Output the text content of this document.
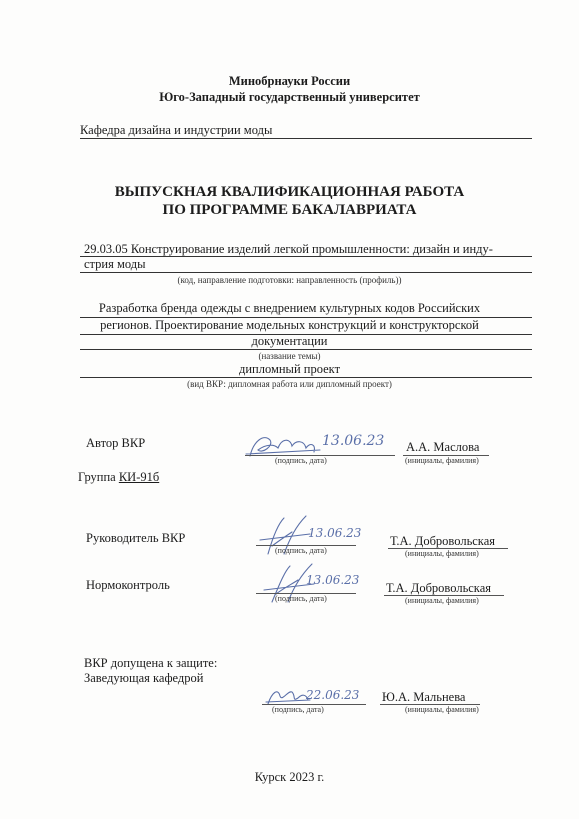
Минобрнауки России
Юго-Западный государственный университет
Кафедра дизайна и индустрии моды
ВЫПУСКНАЯ КВАЛИФИКАЦИОННАЯ РАБОТА
ПО ПРОГРАММЕ БАКАЛАВРИАТА
29.03.05 Конструирование изделий легкой промышленности: дизайн и инду-
стрия моды
(код, направление подготовки: направленность (профиль))
Разработка бренда одежды с внедрением культурных кодов Российских
регионов. Проектирование модельных конструкций и конструкторской
документации
(название темы)
дипломный проект
(вид ВКР: дипломная работа или дипломный проект)
Автор ВКР	13.06.23
(подпись, дата)
А.А. Маслова
(инициалы, фамилия)
Группа КИ-91б
Руководитель ВКР	13.06.23
(подпись, дата)
Т.А. Добровольская
(инициалы, фамилия)
Нормоконтроль	13.06.23
(подпись, дата)
Т.А. Добровольская
(инициалы, фамилия)
ВКР допущена к защите:
Заведующая кафедрой
22.06.23
(подпись, дата)
Ю.А. Мальнева
(инициалы, фамилия)
Курск 2023 г.
